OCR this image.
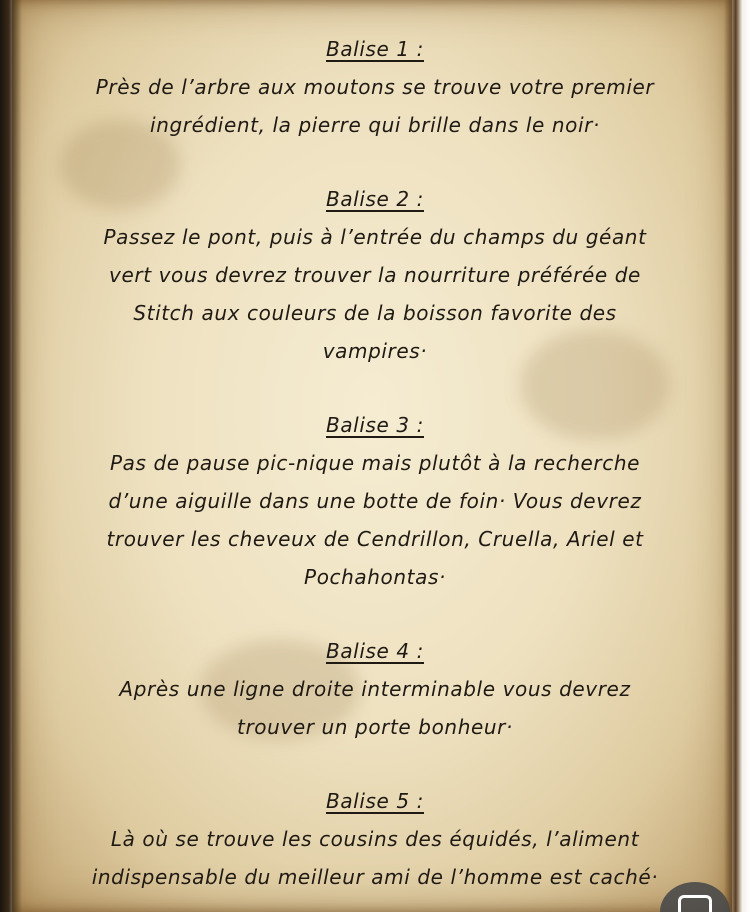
Balise 1 :
Près de l’arbre aux moutons se trouve votre premier
ingrédient, la pierre qui brille dans le noir·
Balise 2 :
Passez le pont, puis à l’entrée du champs du géant
vert vous devrez trouver la nourriture préférée de
Stitch aux couleurs de la boisson favorite des
vampires·
Balise 3 :
Pas de pause pic-nique mais plutôt à la recherche
d’une aiguille dans une botte de foin· Vous devrez
trouver les cheveux de Cendrillon, Cruella, Ariel et
Pochahontas·
Balise 4 :
Après une ligne droite interminable vous devrez
trouver un porte bonheur·
Balise 5 :
Là où se trouve les cousins des équidés, l’aliment
indispensable du meilleur ami de l’homme est caché·
